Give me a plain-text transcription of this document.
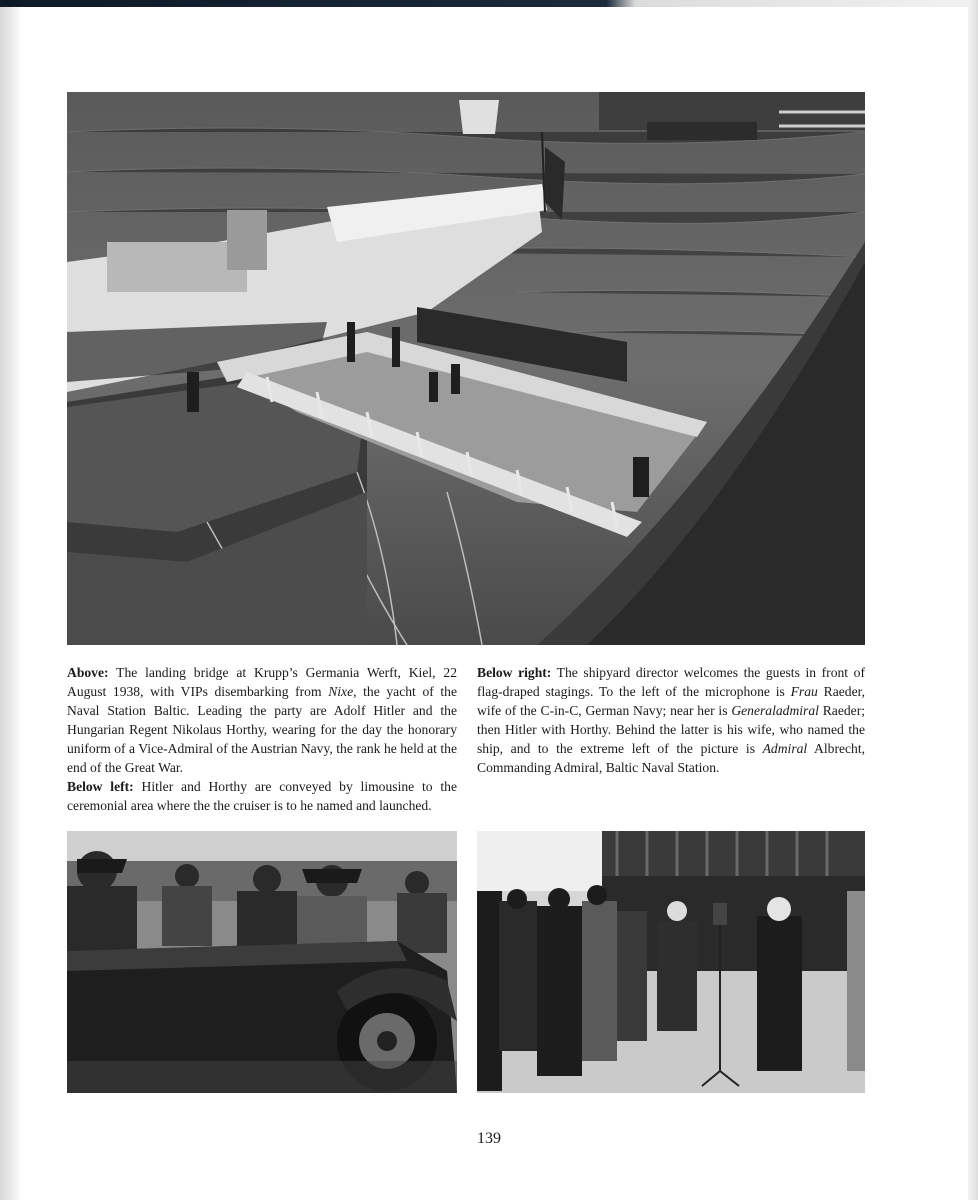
Above: The landing bridge at Krupp’s Germania Werft, Kiel, 22 August 1938, with VIPs disembarking from Nixe, the yacht of the Naval Station Baltic. Leading the party are Adolf Hitler and the Hungarian Regent Nikolaus Horthy, wearing for the day the honorary uniform of a Vice-Admiral of the Austrian Navy, the rank he held at the end of the Great War.

Below left: Hitler and Horthy are conveyed by limousine to the ceremonial area where the the cruiser is to he named and launched.

Below right: The shipyard director welcomes the guests in front of flag-draped stagings. To the left of the microphone is Frau Raeder, wife of the C-in-C, German Navy; near her is Generaladmiral Raeder; then Hitler with Horthy. Behind the latter is his wife, who named the ship, and to the extreme left of the picture is Admiral Albrecht, Commanding Admiral, Baltic Naval Station.

139
